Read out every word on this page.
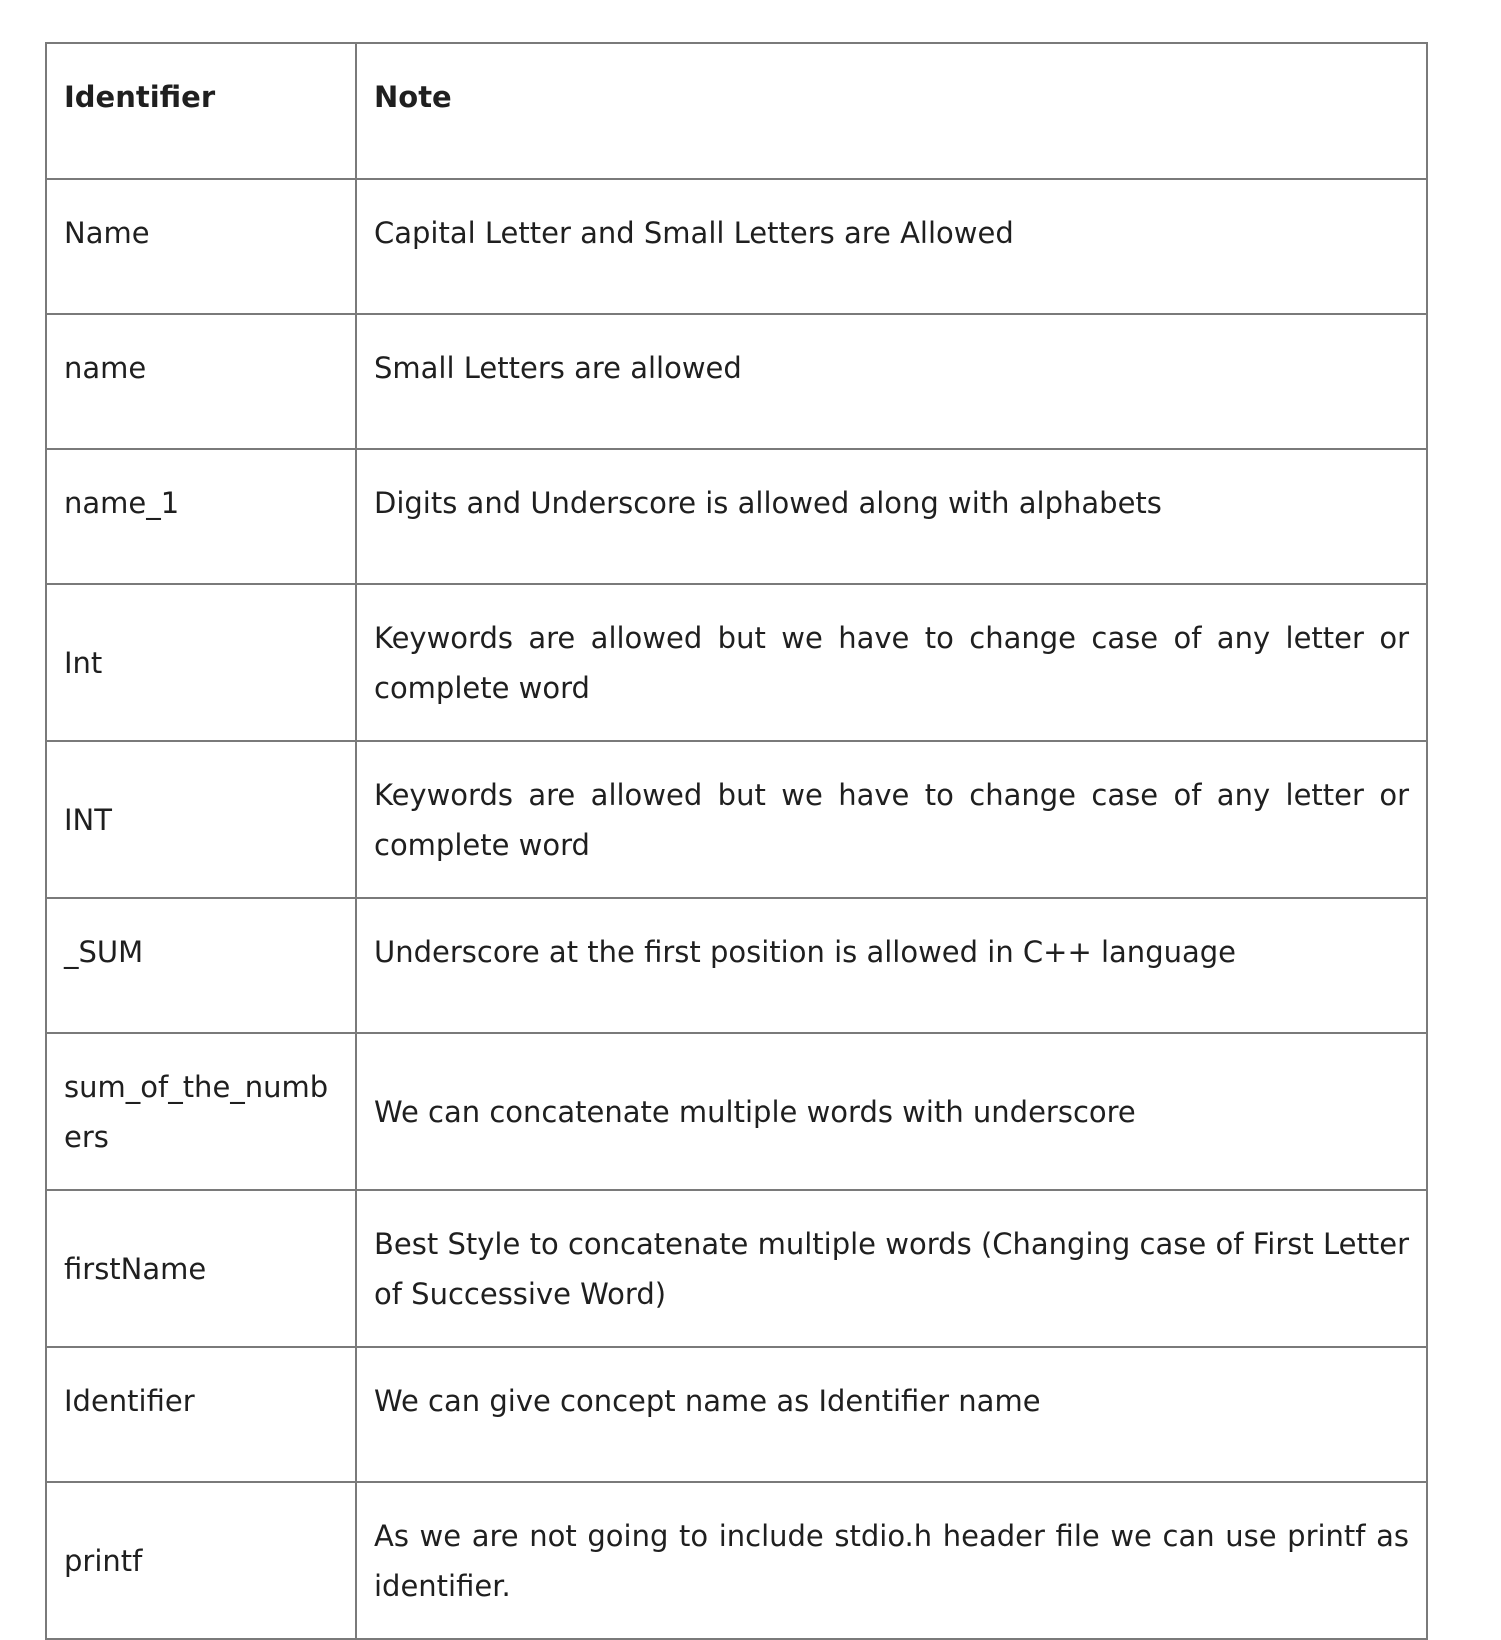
Identifier	Note
Name	Capital Letter and Small Letters are Allowed
name	Small Letters are allowed
name_1	Digits and Underscore is allowed along with alphabets
Int	Keywords are allowed but we have to change case of any letter or complete word
INT	Keywords are allowed but we have to change case of any letter or complete word
_SUM	Underscore at the first position is allowed in C++ language
sum_of_the_numbers	We can concatenate multiple words with underscore
firstName	Best Style to concatenate multiple words (Changing case of First Letter of Successive Word)
Identifier	We can give concept name as Identifier name
printf	As we are not going to include stdio.h header file we can use printf as identifier.
